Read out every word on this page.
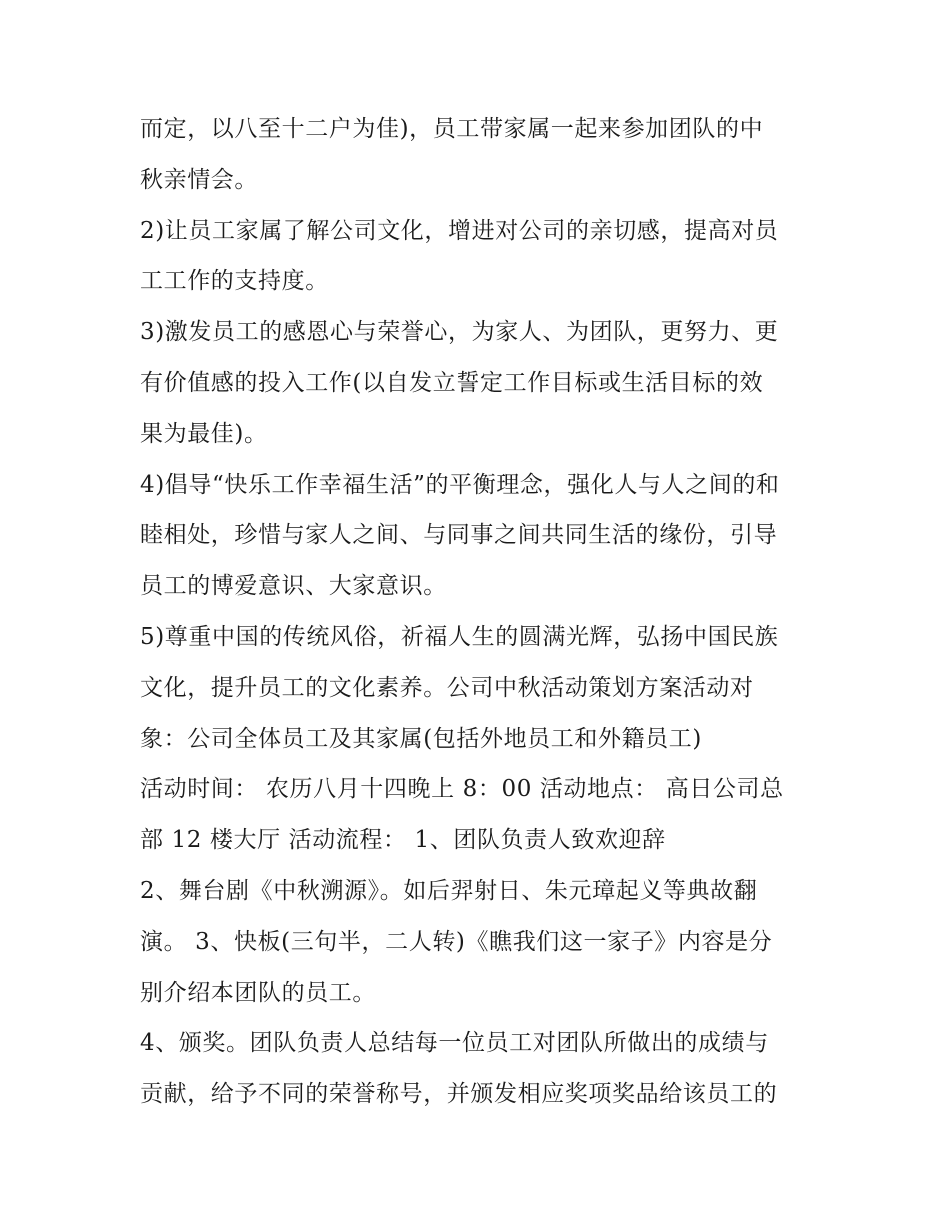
而定，以八至十二户为佳)，员工带家属一起来参加团队的中
秋亲情会。
2)让员工家属了解公司文化，增进对公司的亲切感，提高对员
工工作的支持度。
3)激发员工的感恩心与荣誉心，为家人、为团队，更努力、更
有价值感的投入工作(以自发立誓定工作目标或生活目标的效
果为最佳)。
4)倡导“快乐工作幸福生活”的平衡理念，强化人与人之间的和
睦相处，珍惜与家人之间、与同事之间共同生活的缘份，引导
员工的博爱意识、大家意识。
5)尊重中国的传统风俗，祈福人生的圆满光辉，弘扬中国民族
文化，提升员工的文化素养。公司中秋活动策划方案活动对
象：公司全体员工及其家属(包括外地员工和外籍员工)
活动时间： 农历八月十四晚上 8：00 活动地点： 高日公司总
部 12 楼大厅 活动流程： 1、团队负责人致欢迎辞
2、舞台剧《中秋溯源》。如后羿射日、朱元璋起义等典故翻
演。 3、快板(三句半，二人转)《瞧我们这一家子》内容是分
别介绍本团队的员工。
4、颁奖。团队负责人总结每一位员工对团队所做出的成绩与
贡献，给予不同的荣誉称号，并颁发相应奖项奖品给该员工的
